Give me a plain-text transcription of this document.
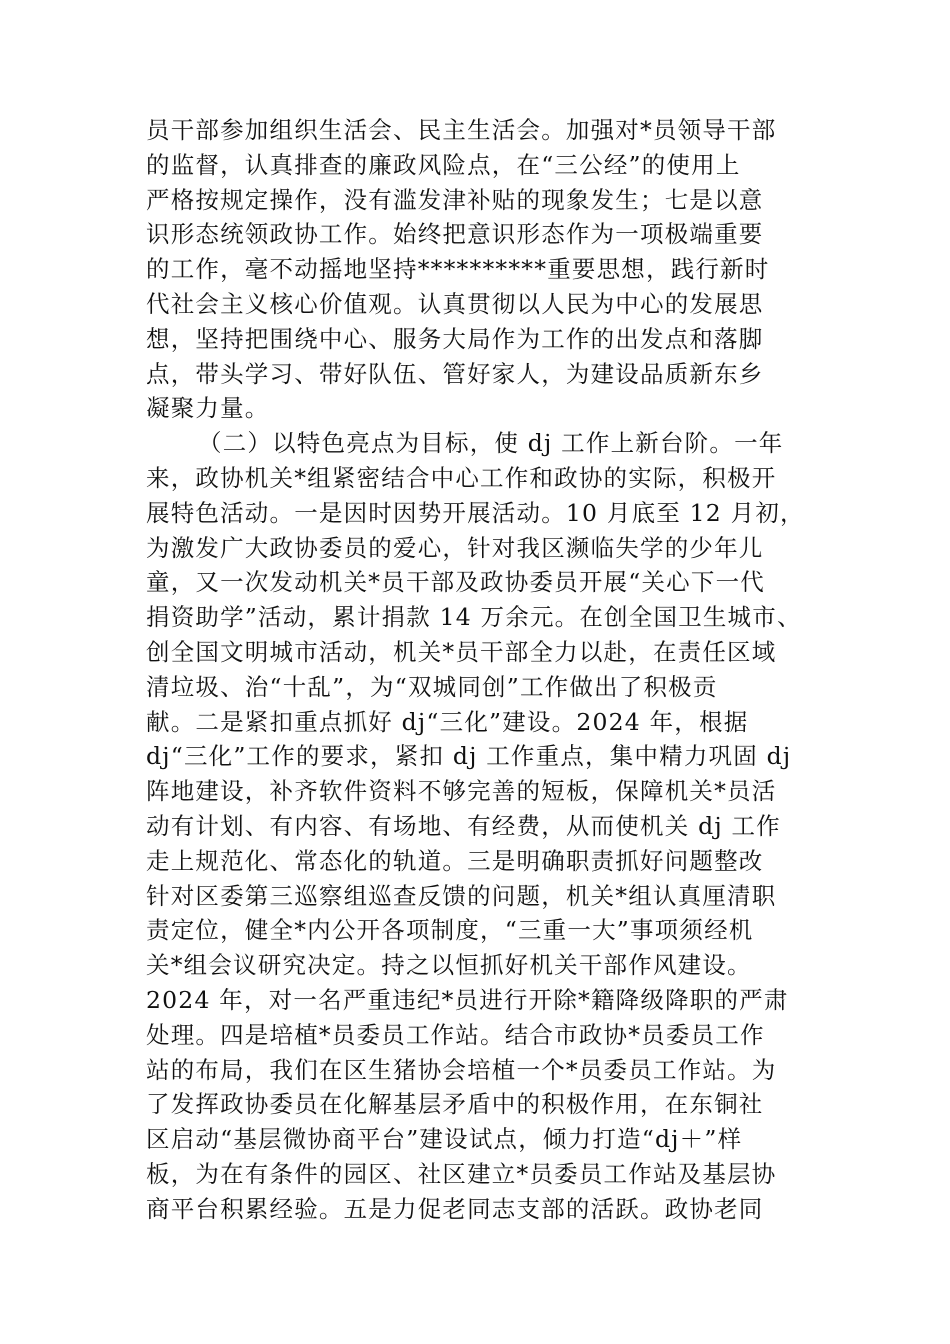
员干部参加组织生活会、民主生活会。加强对*员领导干部
的监督，认真排查的廉政风险点，在“三公经”的使用上
严格按规定操作，没有滥发津补贴的现象发生；七是以意
识形态统领政协工作。始终把意识形态作为一项极端重要
的工作，毫不动摇地坚持**********重要思想，践行新时
代社会主义核心价值观。认真贯彻以人民为中心的发展思
想，坚持把围绕中心、服务大局作为工作的出发点和落脚
点，带头学习、带好队伍、管好家人，为建设品质新东乡
凝聚力量。
（二）以特色亮点为目标，使 dj 工作上新台阶。一年
来，政协机关*组紧密结合中心工作和政协的实际，积极开
展特色活动。一是因时因势开展活动。10 月底至 12 月初，
为激发广大政协委员的爱心，针对我区濒临失学的少年儿
童，又一次发动机关*员干部及政协委员开展“关心下一代
捐资助学”活动，累计捐款 14 万余元。在创全国卫生城市、
创全国文明城市活动，机关*员干部全力以赴，在责任区域
清垃圾、治“十乱”，为“双城同创”工作做出了积极贡
献。二是紧扣重点抓好 dj“三化”建设。2024 年，根据
dj“三化”工作的要求，紧扣 dj 工作重点，集中精力巩固 dj
阵地建设，补齐软件资料不够完善的短板，保障机关*员活
动有计划、有内容、有场地、有经费，从而使机关 dj 工作
走上规范化、常态化的轨道。三是明确职责抓好问题整改
针对区委第三巡察组巡查反馈的问题，机关*组认真厘清职
责定位，健全*内公开各项制度，“三重一大”事项须经机
关*组会议研究决定。持之以恒抓好机关干部作风建设。
2024 年，对一名严重违纪*员进行开除*籍降级降职的严肃
处理。四是培植*员委员工作站。结合市政协*员委员工作
站的布局，我们在区生猪协会培植一个*员委员工作站。为
了发挥政协委员在化解基层矛盾中的积极作用，在东铜社
区启动“基层微协商平台”建设试点，倾力打造“dj＋”样
板，为在有条件的园区、社区建立*员委员工作站及基层协
商平台积累经验。五是力促老同志支部的活跃。政协老同
